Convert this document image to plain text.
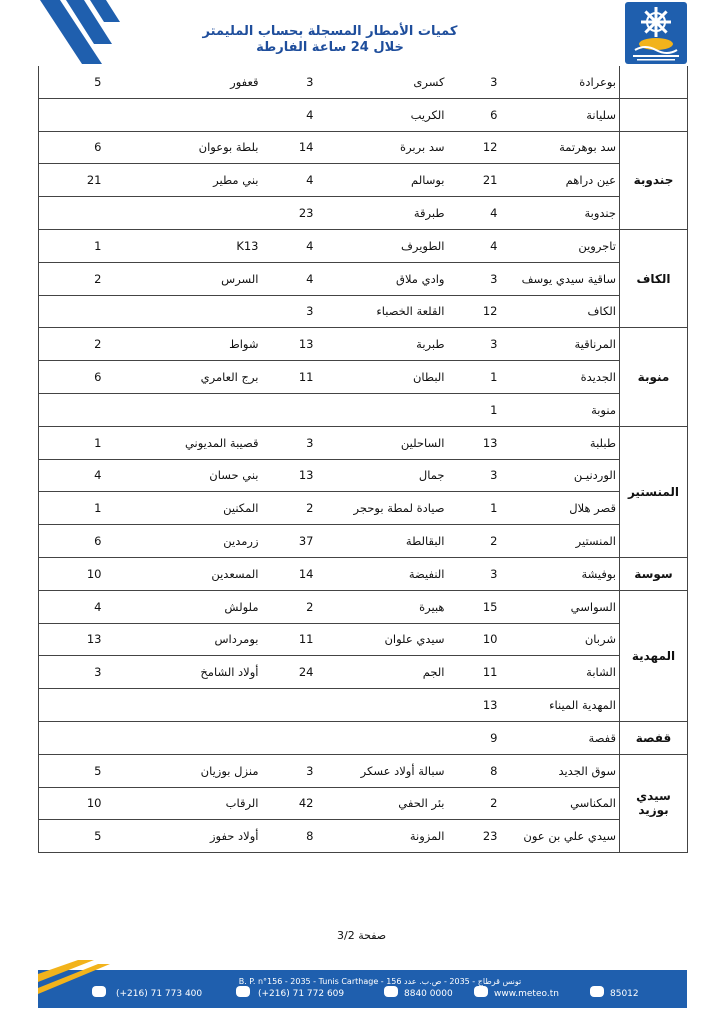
كميات الأمطار المسجلة بحساب المليمتر
خلال 24 ساعة الفارطة
	بوعرادة	3	كسرى	3	قعفور	5
	سليانة	6	الكريب	4		
جندوبة	سد بوهرتمة	12	سد بربرة	14	بلطة بوعوان	6
	عين دراهم	21	بوسالم	4	بني مطير	21
	جندوبة	4	طبرقة	23		
الكاف	تاجروين	4	الطويرف	4	K13	1
	ساقية سيدي يوسف	3	وادي ملاق	4	السرس	2
	الكاف	12	القلعة الخصباء	3		
منوبة	المرناقية	3	طبربة	13	شواط	2
	الجديدة	1	البطان	11	برج العامري	6
	منوبة	1				
المنستير	طبلبة	13	الساحلين	3	قصيبة المديوني	1
	الوردنيـن	3	جمال	13	بني حسان	4
	قصر هلال	1	صيادة لمطة بوحجر	2	المكنين	1
	المنستير	2	البقالطة	37	زرمدين	6
سوسة	بوفيشة	3	النفيضة	14	المسعدين	10
المهدية	السواسي	15	هبيرة	2	ملولش	4
	شربان	10	سيدي علوان	11	بومرداس	13
	الشابة	11	الجم	24	أولاد الشامخ	3
	المهدية الميناء	13				
قفصة	قفصة	9				
سيدي بوزيد	سوق الجديد	8	سبالة أولاد عسكر	3	منزل بوزيان	5
	المكناسي	2	بئر الحفي	42	الرقاب	10
	سيدي علي بن عون	23	المزونة	8	أولاد حفوز	5
صفحة 3/2
B. P. n°156 - 2035 - Tunis Carthage - تونس قرطاج - 2035 - ص.ب. عدد 156
(+216) 71 773 400	(+216) 71 772 609	8840 0000	www.meteo.tn	85012
